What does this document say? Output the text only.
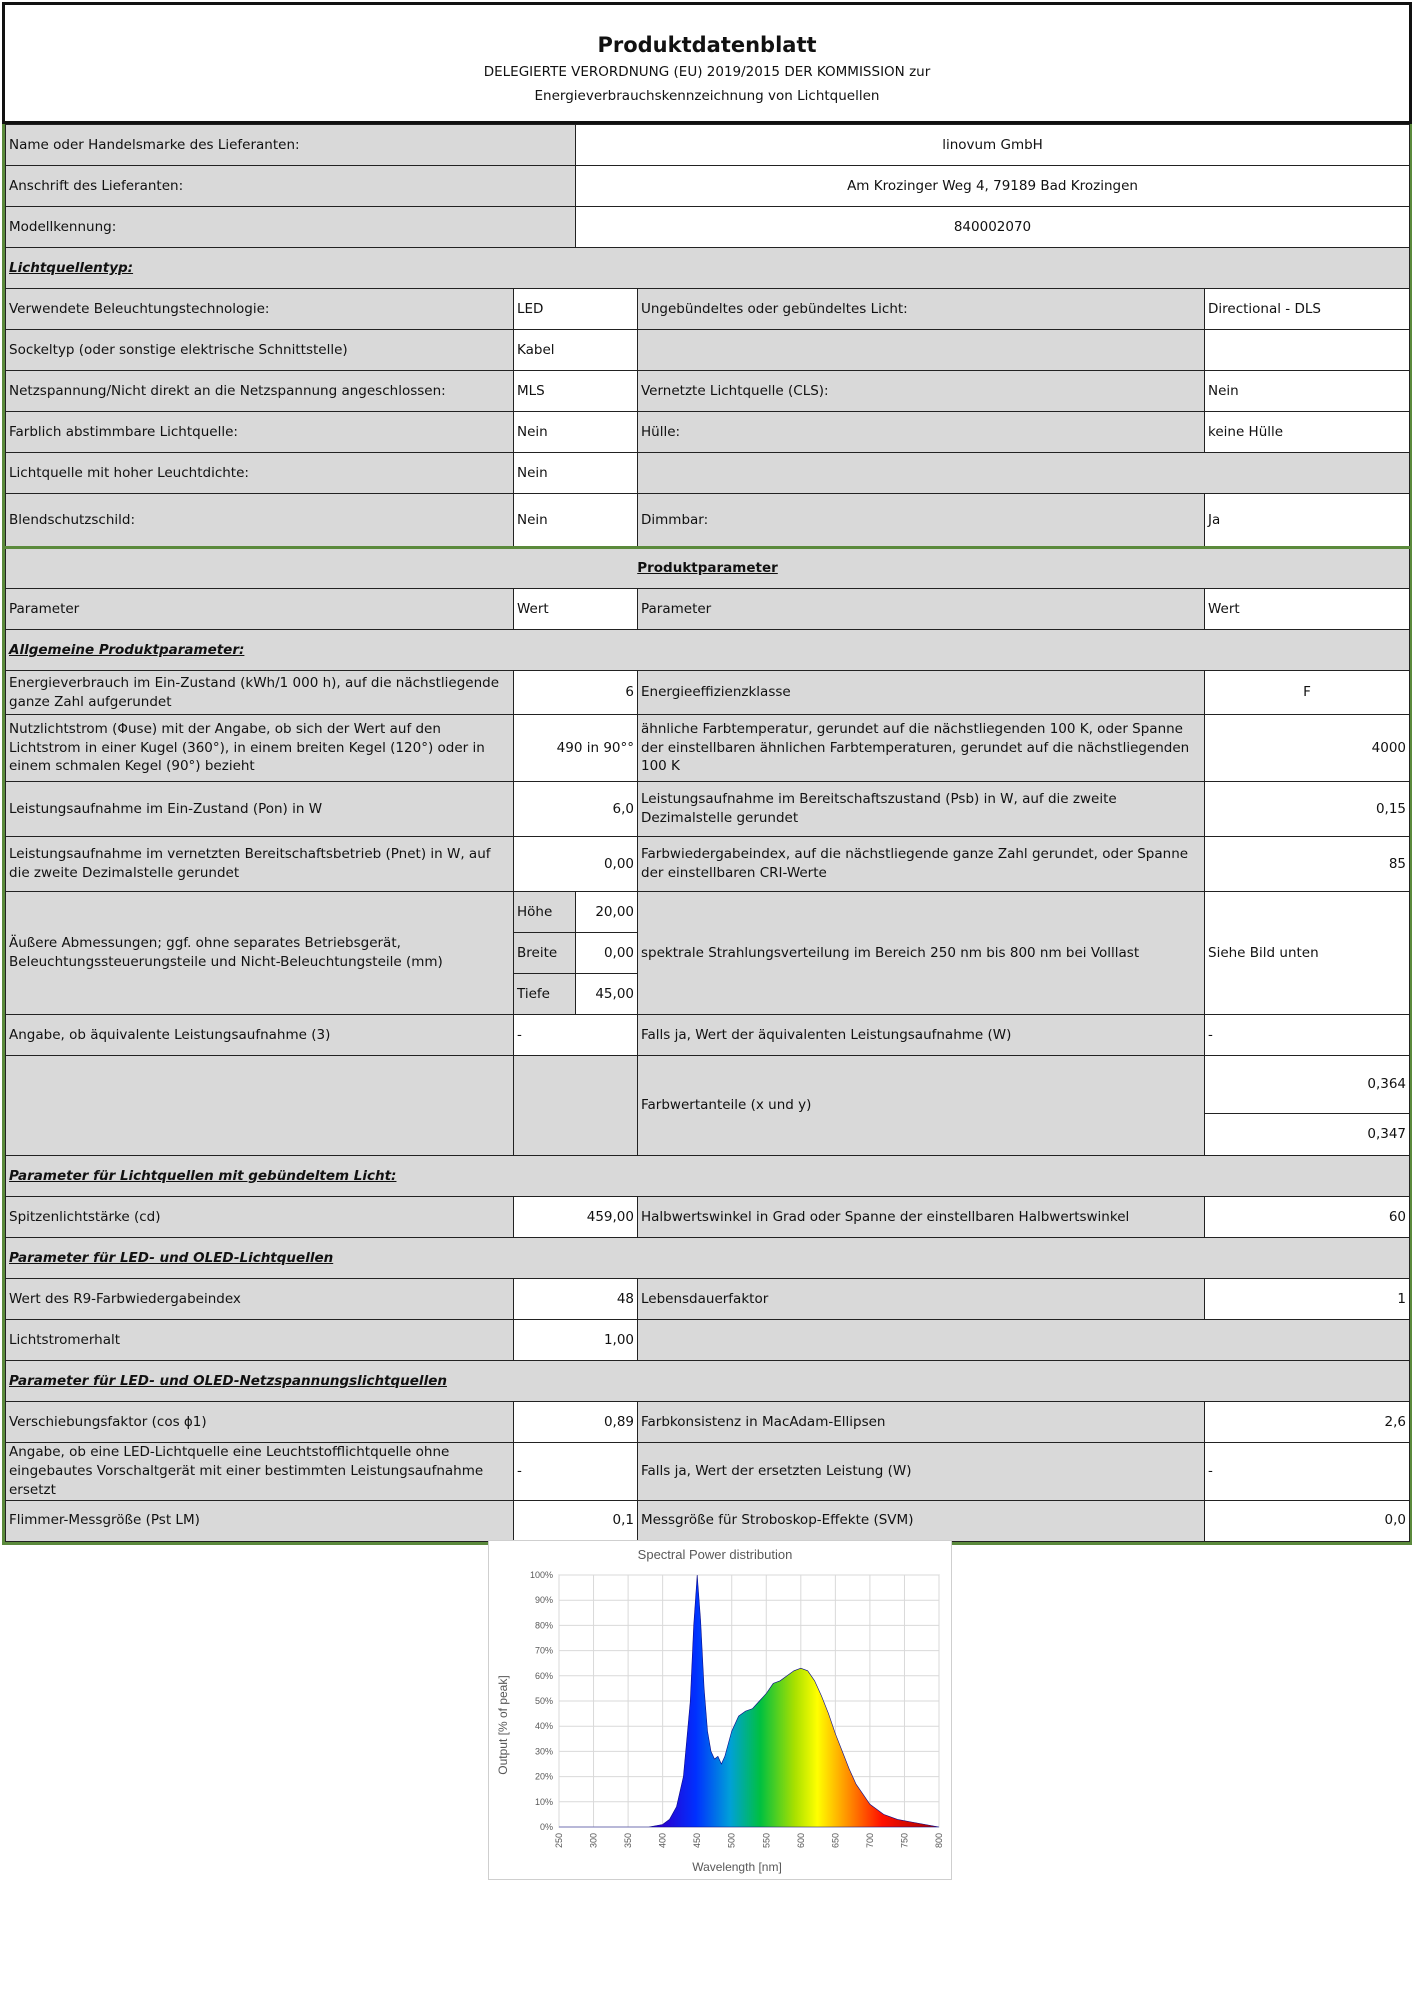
Produktdatenblatt
DELEGIERTE VERORDNUNG (EU) 2019/2015 DER KOMMISSION zur
Energieverbrauchskennzeichnung von Lichtquellen
Name oder Handelsmarke des Lieferanten:		linovum GmbH		
Anschrift des Lieferanten:		Am Krozinger Weg 4, 79189 Bad Krozingen		
Modellkennung:		840002070		
Lichtquellentyp:				
Verwendete Beleuchtungstechnologie:	LED		Ungebündeltes oder gebündeltes Licht:	Directional - DLS
Sockeltyp (oder sonstige elektrische Schnittstelle)	Kabel			
Netzspannung/Nicht direkt an die Netzspannung angeschlossen:	MLS		Vernetzte Lichtquelle (CLS):	Nein
Farblich abstimmbare Lichtquelle:	Nein		Hülle:	keine Hülle
Lichtquelle mit hoher Leuchtdichte:	Nein			
Blendschutzschild:	Nein		Dimmbar:	Ja
Produktparameter				
Parameter	Wert		Parameter	Wert
Allgemeine Produktparameter:				
Energieverbrauch im Ein-Zustand (kWh/1 000 h), auf die nächstliegende ganze Zahl aufgerundet	6		Energieeffizienzklasse	F
Nutzlichtstrom (Φuse) mit der Angabe, ob sich der Wert auf den Lichtstrom in einer Kugel (360°), in einem breiten Kegel (120°) oder in einem schmalen Kegel (90°) bezieht	490 in 90°°		ähnliche Farbtemperatur, gerundet auf die nächstliegenden 100 K, oder Spanne der einstellbaren ähnlichen Farbtemperaturen, gerundet auf die nächstliegenden 100 K	4000
Leistungsaufnahme im Ein-Zustand (Pon) in W	6,0		Leistungsaufnahme im Bereitschaftszustand (Psb) in W, auf die zweite Dezimalstelle gerundet	0,15
Leistungsaufnahme im vernetzten Bereitschaftsbetrieb (Pnet) in W, auf die zweite Dezimalstelle gerundet	0,00		Farbwiedergabeindex, auf die nächstliegende ganze Zahl gerundet, oder Spanne der einstellbaren CRI-Werte	85

Äußere Abmessungen; ggf. ohne separates Betriebsgerät, Beleuchtungssteuerungsteile und Nicht-Beleuchtungsteile (mm)	Höhe	20,00	spektrale Strahlungsverteilung im Bereich 250 nm bis 800 nm bei Volllast	Siehe Bild unten
	Breite	0,00		
	Tiefe	45,00		
Angabe, ob äquivalente Leistungsaufnahme (3)	-		Falls ja, Wert der äquivalenten Leistungsaufnahme (W)	-
			Farbwertanteile (x und y)	0,364
				0,347
Parameter für Lichtquellen mit gebündeltem Licht:				
Spitzenlichtstärke (cd)	459,00		Halbwertswinkel in Grad oder Spanne der einstellbaren Halbwertswinkel	60
Parameter für LED- und OLED-Lichtquellen				
Wert des R9-Farbwiedergabeindex	48		Lebensdauerfaktor	1
Lichtstromerhalt	1,00			
Parameter für LED- und OLED-Netzspannungslichtquellen				
Verschiebungsfaktor (cos ϕ1)	0,89		Farbkonsistenz in MacAdam-Ellipsen	2,6
Angabe, ob eine LED-Lichtquelle eine Leuchtstofflichtquelle ohne eingebautes Vorschaltgerät mit einer bestimmten Leistungsaufnahme ersetzt	-		Falls ja, Wert der ersetzten Leistung (W)	-
Flimmer-Messgröße (Pst LM)	0,1		Messgröße für Stroboskop-Effekte (SVM)	0,0
Spectral Power distribution
0%
10%
20%
30%
40%
50%
60%
70%
80%
90%
100%
250	300	350	400	450	500	550	600	650	700	750	800
Output [% of peak]
Wavelength [nm]
